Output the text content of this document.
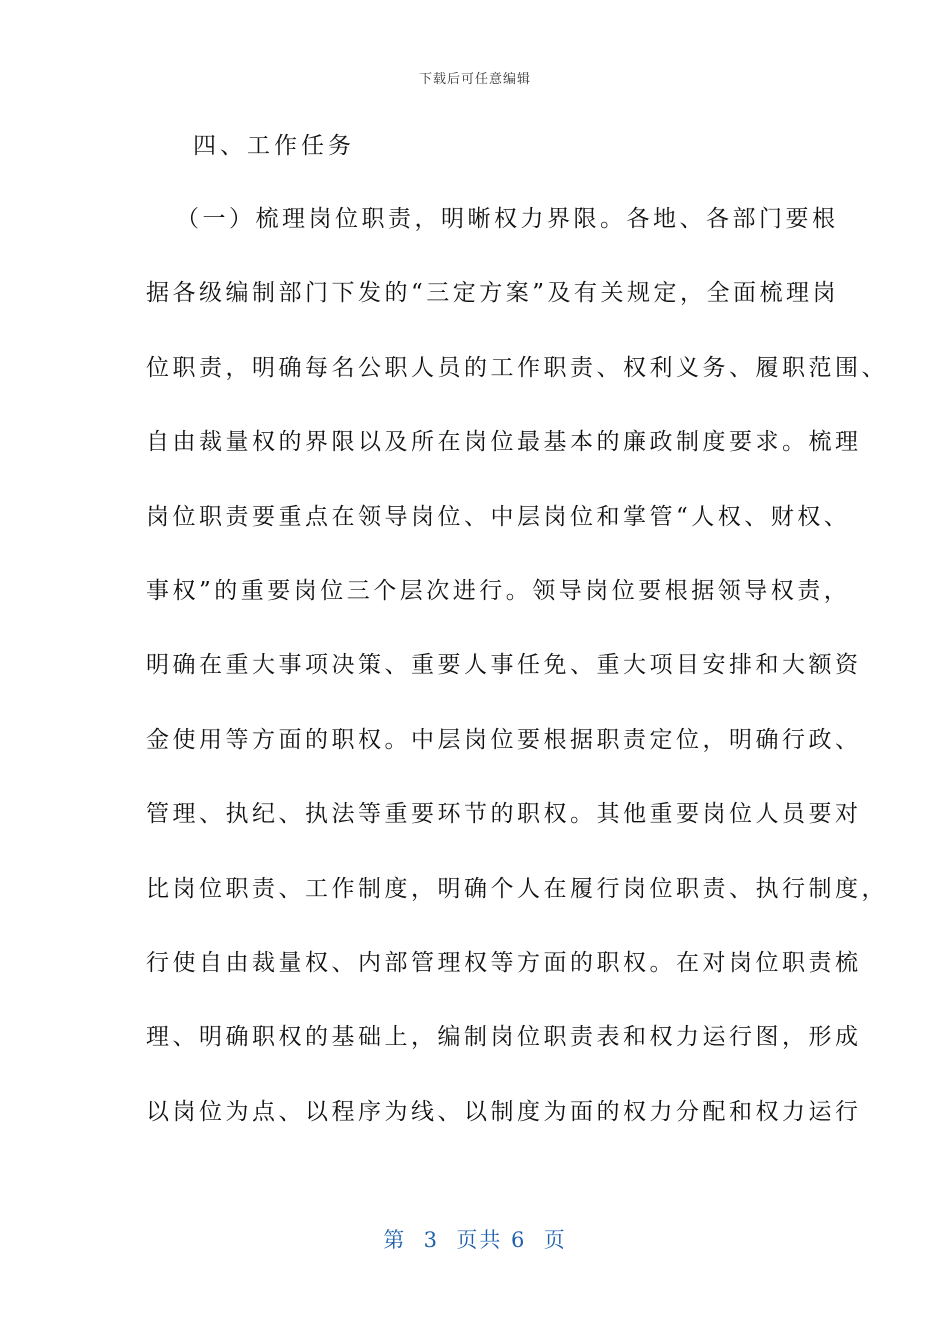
下载后可任意编辑
四、工作任务
（一）梳理岗位职责，明晰权力界限。各地、各部门要根
据各级编制部门下发的“三定方案”及有关规定，全面梳理岗
位职责，明确每名公职人员的工作职责、权利义务、履职范围、
自由裁量权的界限以及所在岗位最基本的廉政制度要求。梳理
岗位职责要重点在领导岗位、中层岗位和掌管“人权、财权、
事权”的重要岗位三个层次进行。领导岗位要根据领导权责，
明确在重大事项决策、重要人事任免、重大项目安排和大额资
金使用等方面的职权。中层岗位要根据职责定位，明确行政、
管理、执纪、执法等重要环节的职权。其他重要岗位人员要对
比岗位职责、工作制度，明确个人在履行岗位职责、执行制度，
行使自由裁量权、内部管理权等方面的职权。在对岗位职责梳
理、明确职权的基础上，编制岗位职责表和权力运行图，形成
以岗位为点、以程序为线、以制度为面的权力分配和权力运行
第  3  页共 6  页
